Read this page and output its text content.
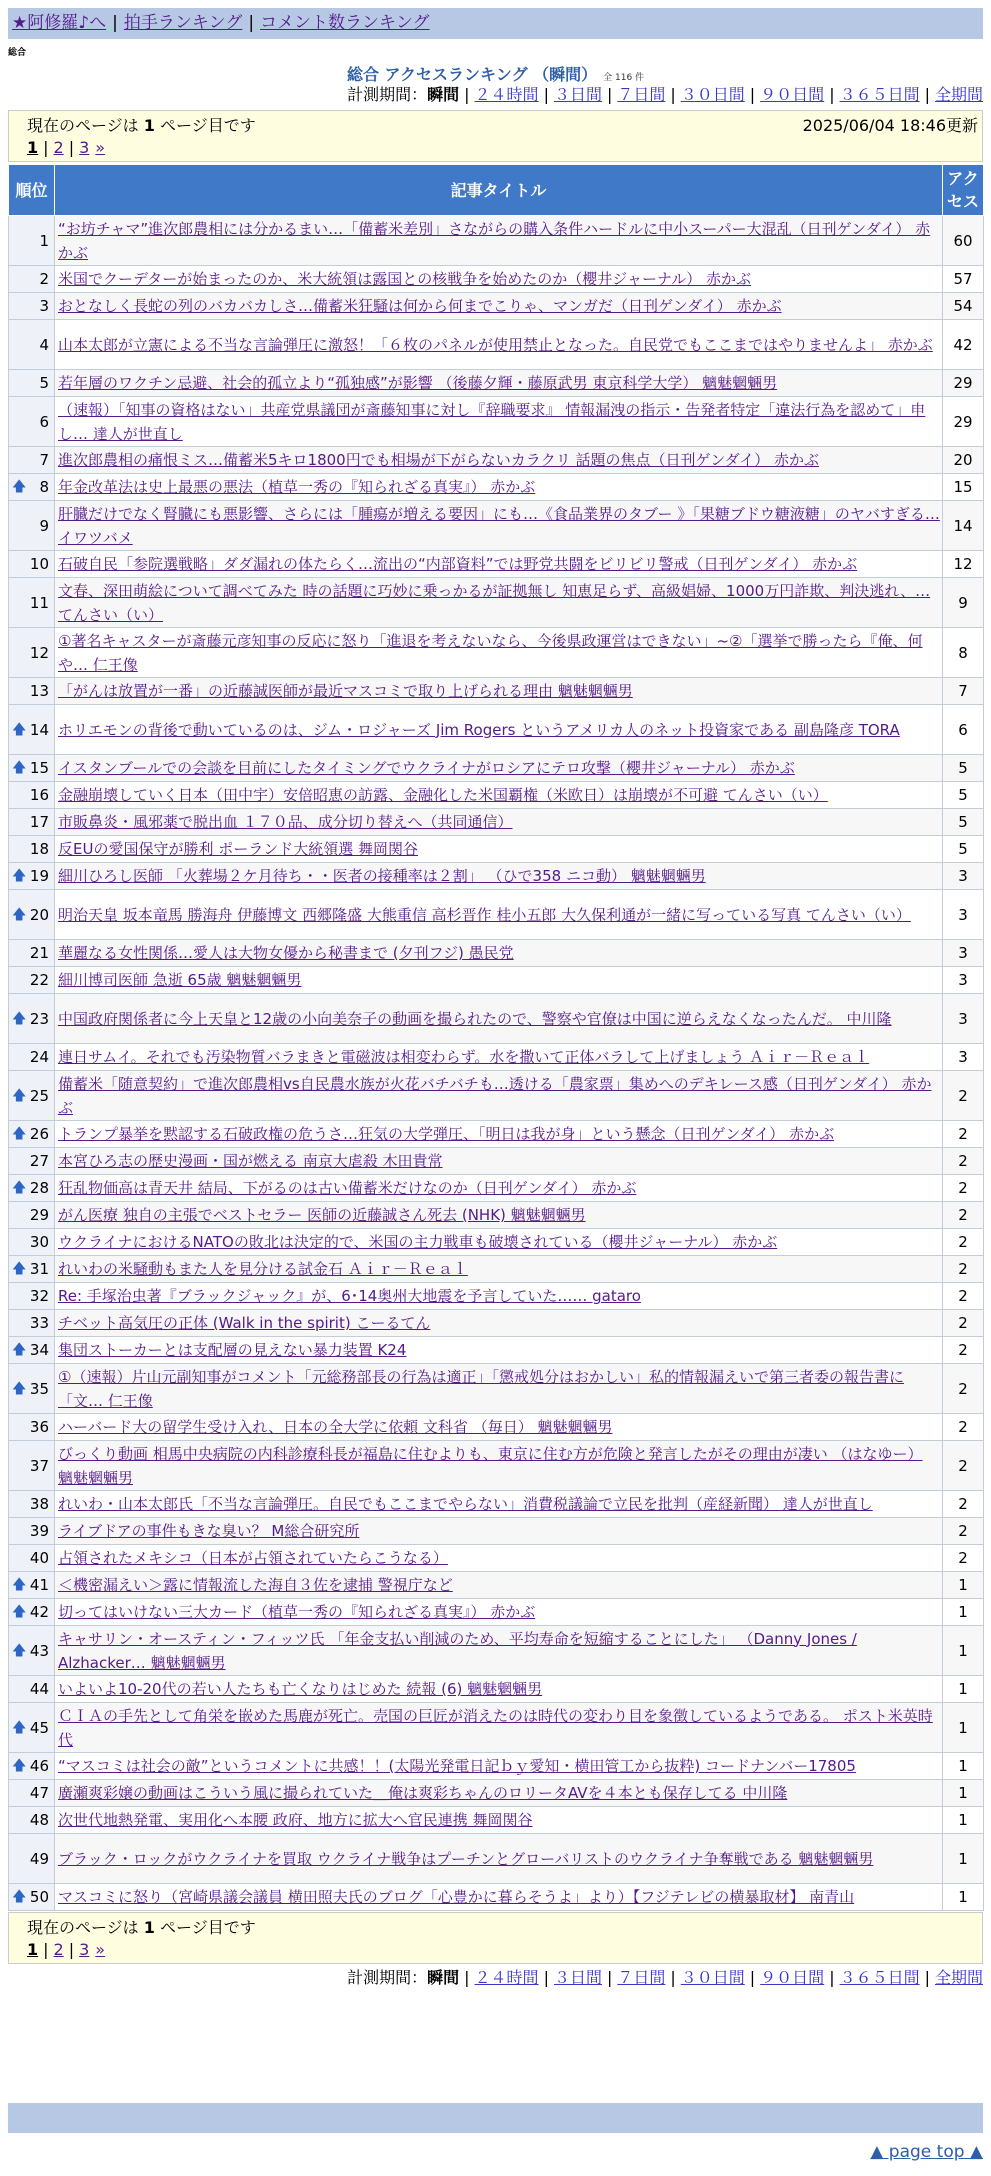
★阿修羅♪へ | 拍手ランキング | コメント数ランキング
総合
総合 アクセスランキング （瞬間） 全 116 件
計測期間：瞬間 | ２４時間 | ３日間 | ７日間 | ３０日間 | ９０日間 | ３６５日間 | 全期間
現在のページは 1 ページ目です	2025/06/04 18:46更新
1 | 2 | 3 »
順位	記事タイトル	アクセス
1	“お坊チャマ”進次郎農相には分かるまい…「備蓄米差別」さながらの購入条件ハードルに中小スーパー大混乱（日刊ゲンダイ） 赤かぶ	60
2	米国でクーデターが始まったのか、米大統領は露国との核戦争を始めたのか（櫻井ジャーナル） 赤かぶ	57
3	おとなしく長蛇の列のバカバカしさ…備蓄米狂騒は何から何までこりゃ、マンガだ（日刊ゲンダイ） 赤かぶ	54
4	山本太郎が立憲による不当な言論弾圧に激怒！「６枚のパネルが使用禁止となった。自民党でもここまではやりませんよ」 赤かぶ	42
5	若年層のワクチン忌避、社会的孤立より“孤独感”が影響 （後藤夕輝・藤原武男 東京科学大学） 魑魅魍魎男	29
6	（速報）「知事の資格はない」共産党県議団が斎藤知事に対し『辞職要求』 情報漏洩の指示・告発者特定「違法行為を認めて」申し… 達人が世直し	29
7	進次郎農相の痛恨ミス…備蓄米5キロ1800円でも相場が下がらないカラクリ 話題の焦点（日刊ゲンダイ） 赤かぶ	20

🡅 8	年金改革法は史上最悪の悪法（植草一秀の『知られざる真実』） 赤かぶ	15
9	肝臓だけでなく腎臓にも悪影響、さらには「腫瘍が増える要因」にも…《食品業界のタブー 》「果糖ブドウ糖液糖」のヤバすぎる… イワツバメ	14
10	石破自民「参院選戦略」ダダ漏れの体たらく…流出の“内部資料”では野党共闘をビリビリ警戒（日刊ゲンダイ） 赤かぶ	12
11	文春、深田萌絵について調べてみた 時の話題に巧妙に乗っかるが証拠無し 知恵足らず、高級娼婦、1000万円詐欺、判決逃れ、… てんさい（い）	9
12	①著名キャスターが斎藤元彦知事の反応に怒り「進退を考えないなら、今後県政運営はできない」~②「選挙で勝ったら『俺、何や… 仁王像	8
13	「がんは放置が一番」の近藤誠医師が最近マスコミで取り上げられる理由 魑魅魍魎男	7

🡅 14	ホリエモンの背後で動いているのは、ジム・ロジャーズ Jim Rogers というアメリカ人のネット投資家である 副島隆彦 TORA	6

🡅 15	イスタンブールでの会談を目前にしたタイミングでウクライナがロシアにテロ攻撃（櫻井ジャーナル） 赤かぶ	5
16	金融崩壊していく日本（田中宇）安倍昭恵の訪露、金融化した米国覇権（米欧日）は崩壊が不可避 てんさい（い）	5
17	市販鼻炎・風邪薬で脱出血 １７０品、成分切り替えへ（共同通信）	5
18	反EUの愛国保守が勝利 ポーランド大統領選 舞岡関谷	5

🡅 19	細川ひろし医師 「火葬場２ケ月待ち・・医者の接種率は２割」 （ひで358 ニコ動） 魑魅魍魎男	3

🡅 20	明治天皇 坂本竜馬 勝海舟 伊藤博文 西郷隆盛 大熊重信 高杉晋作 桂小五郎 大久保利通が一緒に写っている写真 てんさい（い）	3
21	華麗なる女性関係…愛人は大物女優から秘書まで (夕刊フジ) 愚民党	3
22	細川博司医師 急逝 65歳 魑魅魍魎男	3

🡅 23	中国政府関係者に今上天皇と12歳の小向美奈子の動画を撮られたので、警察や官僚は中国に逆らえなくなったんだ。 中川隆	3
24	連日サムイ。それでも汚染物質バラまきと電磁波は相変わらず。水を撒いて正体バラして上げましょう Ａｉｒ－Ｒｅａｌ	3

🡅 25	備蓄米「随意契約」で進次郎農相vs自民農水族が火花バチバチも…透ける「農家票」集めへのデキレース感（日刊ゲンダイ） 赤かぶ	2

🡅 26	トランプ暴挙を黙認する石破政権の危うさ…狂気の大学弾圧、「明日は我が身」という懸念（日刊ゲンダイ） 赤かぶ	2
27	本宮ひろ志の歴史漫画・国が燃える 南京大虐殺 木田貴常	2

🡅 28	狂乱物価高は青天井 結局、下がるのは古い備蓄米だけなのか（日刊ゲンダイ） 赤かぶ	2
29	がん医療 独自の主張でベストセラー 医師の近藤誠さん死去 (NHK) 魑魅魍魎男	2
30	ウクライナにおけるNATOの敗北は決定的で、米国の主力戦車も破壊されている（櫻井ジャーナル） 赤かぶ	2

🡅 31	れいわの米騒動もまた人を見分ける試金石 Ａｉｒ－Ｒｅａｌ	2
32	Re: 手塚治虫著『ブラックジャック』が、6･14奥州大地震を予言していた…… gataro	2
33	チベット高気圧の正体 (Walk in the spirit) こーるてん	2

🡅 34	集団ストーカーとは支配層の見えない暴力装置 K24	2

🡅 35	①（速報）片山元副知事がコメント「元総務部長の行為は適正」「懲戒処分はおかしい」私的情報漏えいで第三者委の報告書に「文… 仁王像	2
36	ハーバード大の留学生受け入れ、日本の全大学に依頼 文科省 （毎日） 魑魅魍魎男	2
37	びっくり動画 相馬中央病院の内科診療科長が福島に住むよりも、東京に住む方が危険と発言したがその理由が凄い （はなゆー） 魑魅魍魎男	2
38	れいわ・山本太郎氏「不当な言論弾圧。自民でもここまでやらない」消費税議論で立民を批判（産経新聞） 達人が世直し	2
39	ライブドアの事件もきな臭い？ M総合研究所	2
40	占領されたメキシコ（日本が占領されていたらこうなる）	2

🡅 41	＜機密漏えい＞露に情報流した海自３佐を逮捕 警視庁など	1

🡅 42	切ってはいけない三大カード（植草一秀の『知られざる真実』） 赤かぶ	1

🡅 43	キャサリン・オースティン・フィッツ氏 「年金支払い削減のため、平均寿命を短縮することにした」 （Danny Jones / Alzhacker… 魑魅魍魎男	1
44	いよいよ10-20代の若い人たちも亡くなりはじめた 続報 (6) 魑魅魍魎男	1

🡅 45	ＣＩＡの手先として角栄を嵌めた馬鹿が死亡。売国の巨匠が消えたのは時代の変わり目を象徴しているようである。 ポスト米英時代	1

🡅 46	“マスコミは社会の敵”というコメントに共感！！(太陽光発電日記ｂｙ愛知・横田管工から抜粋) コードナンバー17805	1
47	廣瀬爽彩嬢の動画はこういう風に撮られていた＿俺は爽彩ちゃんのロリータAVを４本とも保存してる 中川隆	1
48	次世代地熱発電、実用化へ本腰 政府、地方に拡大へ官民連携 舞岡関谷	1
49	ブラック・ロックがウクライナを買取 ウクライナ戦争はプーチンとグローバリストのウクライナ争奪戦である 魑魅魍魎男	1

🡅 50	マスコミに怒り（宮崎県議会議員 横田照夫氏のブログ「心豊かに暮らそうよ」より）【フジテレビの横暴取材】 南青山	1
現在のページは 1 ページ目です
1 | 2 | 3 »
計測期間：瞬間 | ２４時間 | ３日間 | ７日間 | ３０日間 | ９０日間 | ３６５日間 | 全期間
▲ page top ▲
